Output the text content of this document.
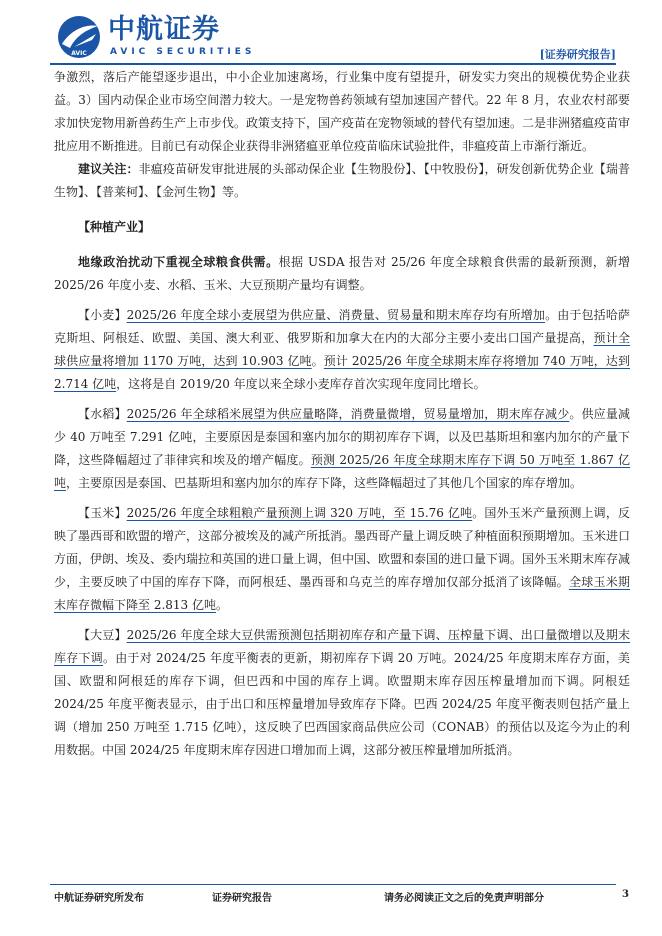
AVIC
中航证券
AVIC SECURITIES	[证券研究报告]

争激烈，落后产能望逐步退出，中小企业加速离场，行业集中度有望提升，研发实力突出的规模优势企业获益。3）国内动保企业市场空间潜力较大。一是宠物兽药领域有望加速国产替代。22 年 8 月，农业农村部要求加快宠物用新兽药生产上市步伐。政策支持下，国产疫苗在宠物领域的替代有望加速。二是非洲猪瘟疫苗审批应用不断推进。目前已有动保企业获得非洲猪瘟亚单位疫苗临床试验批件，非瘟疫苗上市渐行渐近。

建议关注：非瘟疫苗研发审批进展的头部动保企业【生物股份】、【中牧股份】，研发创新优势企业【瑞普生物】、【普莱柯】、【金河生物】等。

【种植产业】

地缘政治扰动下重视全球粮食供需。根据 USDA 报告对 25/26 年度全球粮食供需的最新预测，新增 2025/26 年度小麦、水稻、玉米、大豆预期产量均有调整。

【小麦】2025/26 年度全球小麦展望为供应量、消费量、贸易量和期末库存均有所增加。由于包括哈萨克斯坦、阿根廷、欧盟、美国、澳大利亚、俄罗斯和加拿大在内的大部分主要小麦出口国产量提高，预计全球供应量将增加 1170 万吨，达到 10.903 亿吨。预计 2025/26 年度全球期末库存将增加 740 万吨，达到 2.714 亿吨，这将是自 2019/20 年度以来全球小麦库存首次实现年度同比增长。

【水稻】2025/26 年全球稻米展望为供应量略降，消费量微增，贸易量增加，期末库存减少。供应量减少 40 万吨至 7.291 亿吨，主要原因是泰国和塞内加尔的期初库存下调，以及巴基斯坦和塞内加尔的产量下降，这些降幅超过了菲律宾和埃及的增产幅度。预测 2025/26 年度全球期末库存下调 50 万吨至 1.867 亿吨，主要原因是泰国、巴基斯坦和塞内加尔的库存下降，这些降幅超过了其他几个国家的库存增加。

【玉米】2025/26 年度全球粗粮产量预测上调 320 万吨，至 15.76 亿吨。国外玉米产量预测上调，反映了墨西哥和欧盟的增产，这部分被埃及的减产所抵消。墨西哥产量上调反映了种植面积预期增加。玉米进口方面，伊朗、埃及、委内瑞拉和英国的进口量上调，但中国、欧盟和泰国的进口量下调。国外玉米期末库存减少，主要反映了中国的库存下降，而阿根廷、墨西哥和乌克兰的库存增加仅部分抵消了该降幅。全球玉米期末库存微幅下降至 2.813 亿吨。

【大豆】2025/26 年度全球大豆供需预测包括期初库存和产量下调、压榨量下调、出口量微增以及期末库存下调。由于对 2024/25 年度平衡表的更新，期初库存下调 20 万吨。2024/25 年度期末库存方面，美国、欧盟和阿根廷的库存下调，但巴西和中国的库存上调。欧盟期末库存因压榨量增加而下调。阿根廷 2024/25 年度平衡表显示，由于出口和压榨量增加导致库存下降。巴西 2024/25 年度平衡表则包括产量上调（增加 250 万吨至 1.715 亿吨），这反映了巴西国家商品供应公司（CONAB）的预估以及迄今为止的利用数据。中国 2024/25 年度期末库存因进口增加而上调，这部分被压榨量增加所抵消。

中航证券研究所发布	证券研究报告	请务必阅读正文之后的免责声明部分	3
